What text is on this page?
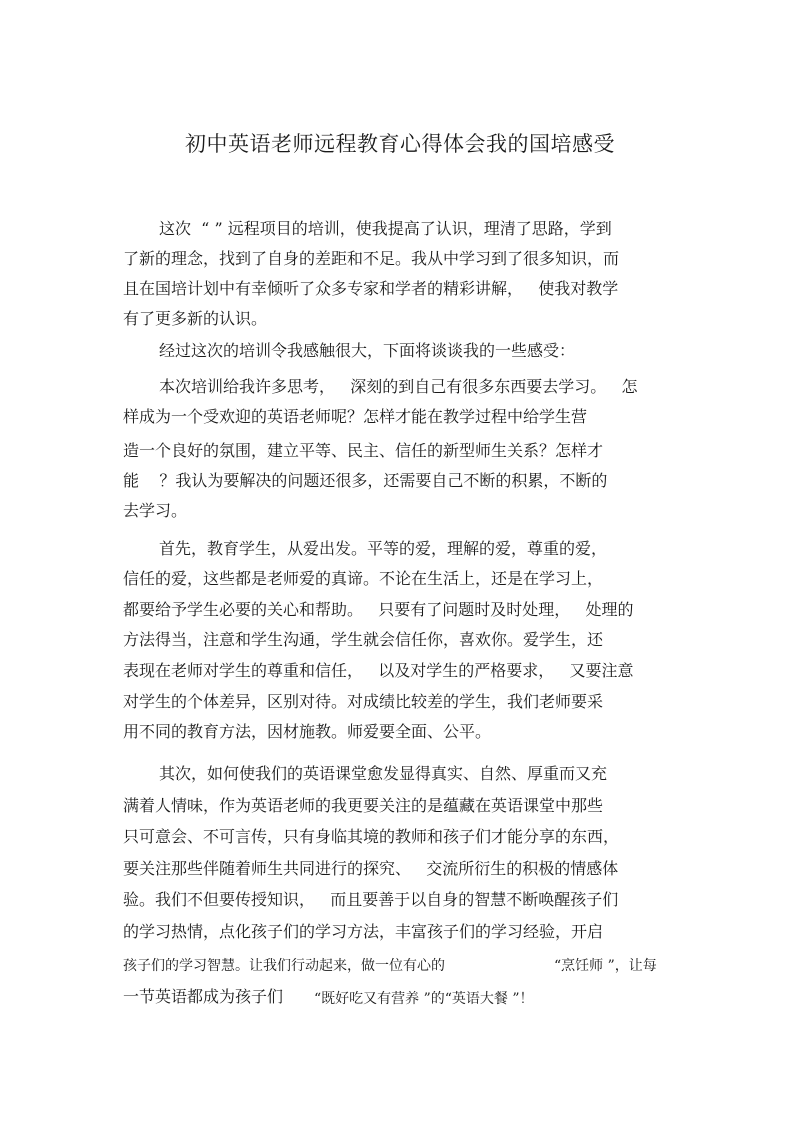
初中英语老师远程教育心得体会我的国培感受
这次  “ ” 远程项目的培训，使我提高了认识，理清了思路，学到
了新的理念，找到了自身的差距和不足。我从中学习到了很多知识，而
且在国培计划中有幸倾听了众多专家和学者的精彩讲解，   使我对教学
有了更多新的认识。
经过这次的培训令我感触很大，下面将谈谈我的一些感受：
本次培训给我许多思考，   深刻的到自己有很多东西要去学习。   怎
样成为一个受欢迎的英语老师呢？怎样才能在教学过程中给学生营
造一个良好的氛围，建立平等、民主、信任的新型师生关系？怎样才
能    ？我认为要解决的问题还很多，还需要自己不断的积累，不断的
去学习。
首先，教育学生，从爱出发。平等的爱，理解的爱，尊重的爱，
信任的爱，这些都是老师爱的真谛。不论在生活上，还是在学习上，
都要给予学生必要的关心和帮助。   只要有了问题时及时处理，   处理的
方法得当，注意和学生沟通，学生就会信任你，喜欢你。爱学生，还
表现在老师对学生的尊重和信任，   以及对学生的严格要求，   又要注意
对学生的个体差异，区别对待。对成绩比较差的学生，我们老师要采
用不同的教育方法，因材施教。师爱要全面、公平。
其次，如何使我们的英语课堂愈发显得真实、自然、厚重而又充
满着人情味，作为英语老师的我更要关注的是蕴藏在英语课堂中那些
只可意会、不可言传，只有身临其境的教师和孩子们才能分享的东西，
要关注那些伴随着师生共同进行的探究、   交流所衍生的积极的情感体
验。我们不但要传授知识，   而且要善于以自身的智慧不断唤醒孩子们
的学习热情，点化孩子们的学习方法，丰富孩子们的学习经验，开启
孩子们的学习智慧。让我们行动起来，做一位有心的	“烹饪师 ”，让每
一节英语都成为孩子们 “既好吃又有营养 ”的“英语大餐 ”！
